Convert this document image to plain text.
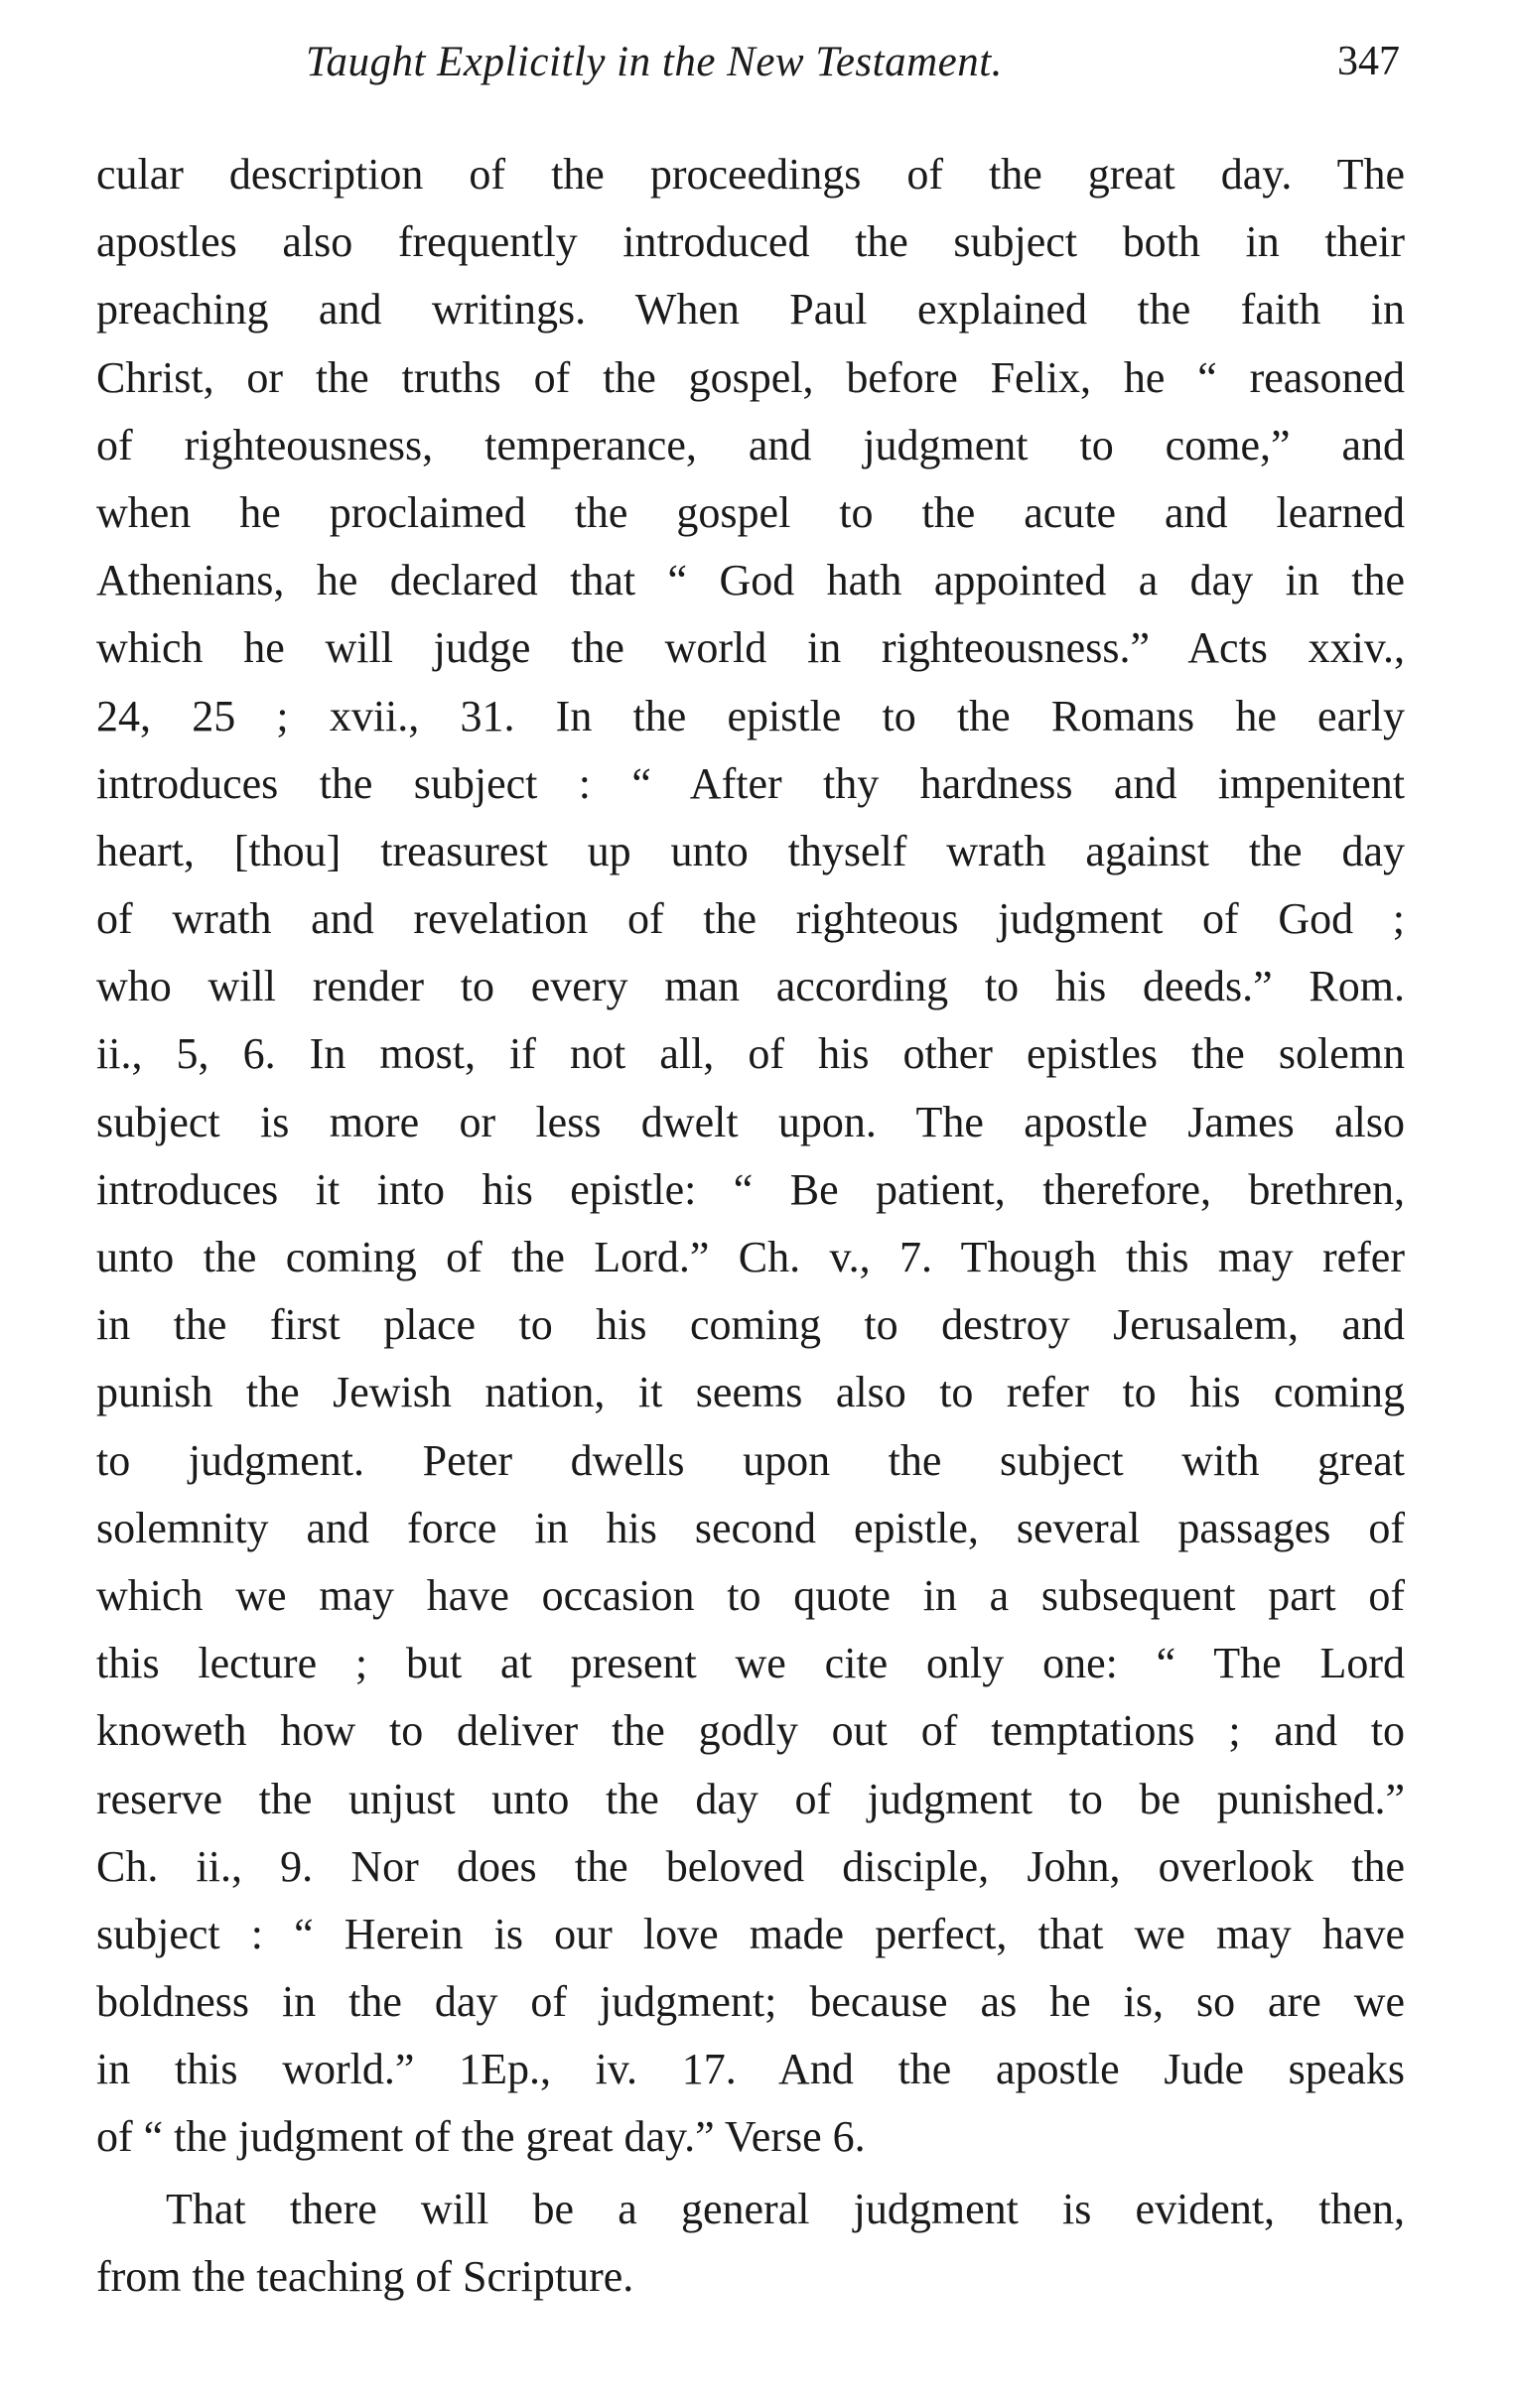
Taught Explicitly in the New Testament.	347
cular description of the proceedings of the great day. The
apostles also frequently introduced the subject both in their
preaching and writings. When Paul explained the faith in
Christ, or the truths of the gospel, before Felix, he “ reasoned
of righteousness, temperance, and judgment to come,” and
when he proclaimed the gospel to the acute and learned
Athenians, he declared that “ God hath appointed a day in the
which he will judge the world in righteousness.” Acts xxiv.,
24, 25 ; xvii., 31. In the epistle to the Romans he early
introduces the subject : “ After thy hardness and impenitent
heart, [thou] treasurest up unto thyself wrath against the day
of wrath and revelation of the righteous judgment of God ;
who will render to every man according to his deeds.” Rom.
ii., 5, 6. In most, if not all, of his other epistles the solemn
subject is more or less dwelt upon. The apostle James also
introduces it into his epistle: “ Be patient, therefore, brethren,
unto the coming of the Lord.” Ch. v., 7. Though this may refer
in the first place to his coming to destroy Jerusalem, and
punish the Jewish nation, it seems also to refer to his coming
to judgment. Peter dwells upon the subject with great
solemnity and force in his second epistle, several passages of
which we may have occasion to quote in a subsequent part of
this lecture ; but at present we cite only one: “ The Lord
knoweth how to deliver the godly out of temptations ; and to
reserve the unjust unto the day of judgment to be punished.”
Ch. ii., 9. Nor does the beloved disciple, John, overlook the
subject : “ Herein is our love made perfect, that we may have
boldness in the day of judgment; because as he is, so are we
in this world.” 1Ep., iv. 17. And the apostle Jude speaks
of “ the judgment of the great day.” Verse 6.
That there will be a general judgment is evident, then,
from the teaching of Scripture.
